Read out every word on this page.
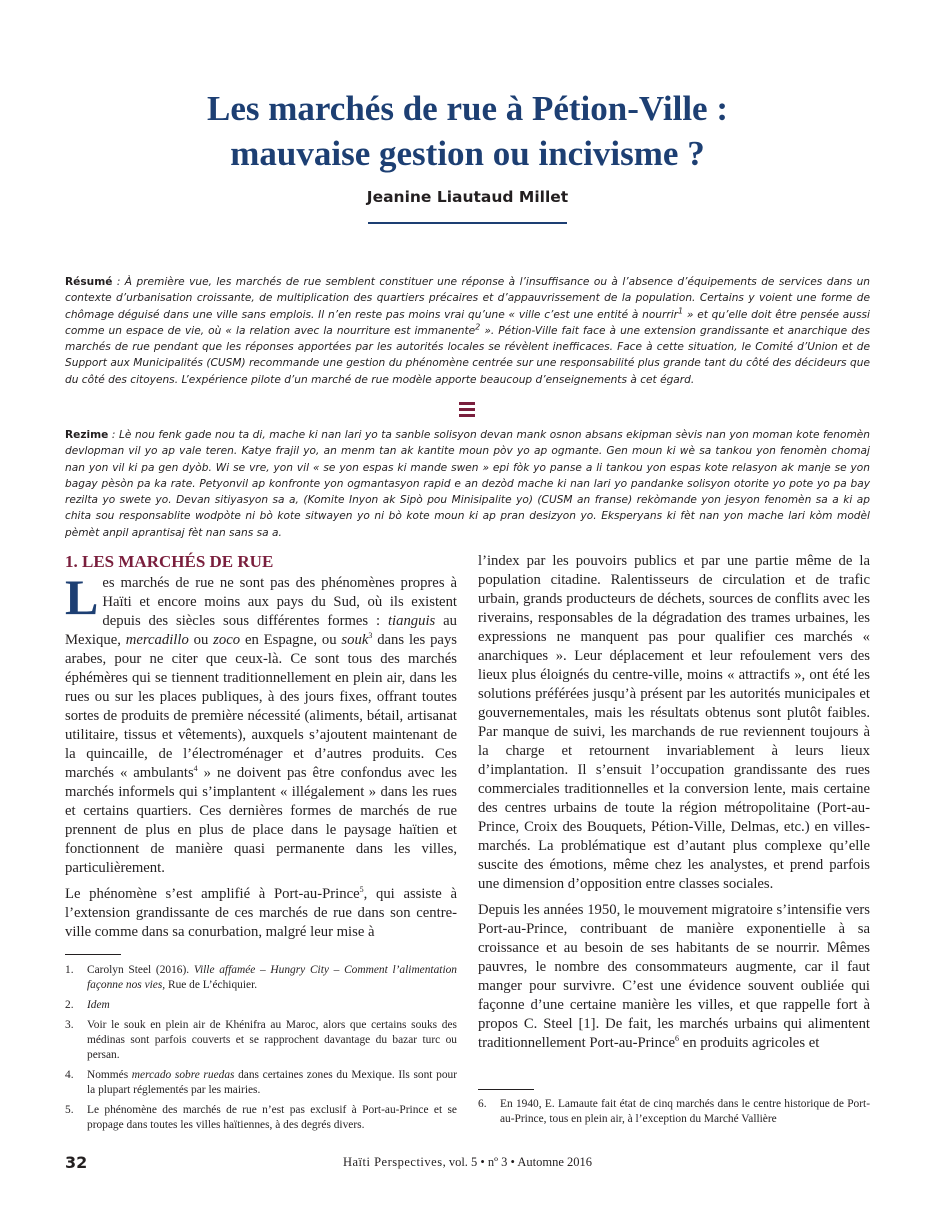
Les marchés de rue à Pétion-Ville :
mauvaise gestion ou incivisme ?
Jeanine Liautaud Millet
Résumé : À première vue, les marchés de rue semblent constituer une réponse à l’insuffisance ou à l’absence d’équipements de services dans un contexte d’urbanisation croissante, de multiplication des quartiers précaires et d’appauvrissement de la population. Certains y voient une forme de chômage déguisé dans une ville sans emplois. Il n’en reste pas moins vrai qu’une « ville c’est une entité à nourrir$^1$ » et qu’elle doit être pensée aussi comme un espace de vie, où « la relation avec la nourriture est immanente$^2$ ». Pétion-Ville fait face à une extension grandissante et anarchique des marchés de rue pendant que les réponses apportées par les autorités locales se révèlent inefficaces. Face à cette situation, le Comité d’Union et de Support aux Municipalités (CUSM) recommande une gestion du phénomène centrée sur une responsabilité plus grande tant du côté des décideurs que du côté des citoyens. L’expérience pilote d’un marché de rue modèle apporte beaucoup d’enseignements à cet égard.
Rezime : Lè nou fenk gade nou ta di, mache ki nan lari yo ta sanble solisyon devan mank osnon absans ekipman sèvis nan yon moman kote fenomèn devlopman vil yo ap vale teren. Katye frajil yo, an menm tan ak kantite moun pòv yo ap ogmante. Gen moun ki wè sa tankou yon fenomèn chomaj nan yon vil ki pa gen dyòb. Wi se vre, yon vil « se yon espas ki mande swen » epi fòk yo panse a li tankou yon espas kote relasyon ak manje se yon bagay pèsòn pa ka rate. Petyonvil ap konfronte yon ogmantasyon rapid e an dezòd mache ki nan lari yo pandanke solisyon otorite yo pote yo pa bay rezilta yo swete yo. Devan sitiyasyon sa a, (Komite Inyon ak Sipò pou Minisipalite yo) (CUSM an franse) rekòmande yon jesyon fenomèn sa a ki ap chita sou responsablite wodpòte ni bò kote sitwayen yo ni bò kote moun ki ap pran desizyon yo. Eksperyans ki fèt nan yon mache lari kòm modèl pèmèt anpil aprantisaj fèt nan sans sa a.
1. LES MARCHÉS DE RUE

Les marchés de rue ne sont pas des phénomènes propres à Haïti et encore moins aux pays du Sud, où ils existent depuis des siècles sous différentes formes : tianguis au Mexique, mercadillo ou zoco en Espagne, ou souk$^3$ dans les pays arabes, pour ne citer que ceux-là. Ce sont tous des marchés éphémères qui se tiennent traditionnellement en plein air, dans les rues ou sur les places publiques, à des jours fixes, offrant toutes sortes de produits de première nécessité (aliments, bétail, artisanat utilitaire, tissus et vêtements), auxquels s’ajoutent maintenant de la quincaille, de l’électroménager et d’autres produits. Ces marchés « ambulants$^4$ » ne doivent pas être confondus avec les marchés informels qui s’implantent « illégalement » dans les rues et certains quartiers. Ces dernières formes de marchés de rue prennent de plus en plus de place dans le paysage haïtien et fonctionnent de manière quasi permanente dans les villes, particulièrement.

Le phénomène s’est amplifié à Port-au-Prince$^5$, qui assiste à l’extension grandissante de ces marchés de rue dans son centre-ville comme dans sa conurbation, malgré leur mise à

l’index par les pouvoirs publics et par une partie même de la population citadine. Ralentisseurs de circulation et de trafic urbain, grands producteurs de déchets, sources de conflits avec les riverains, responsables de la dégradation des trames urbaines, les expressions ne manquent pas pour qualifier ces marchés « anarchiques ». Leur déplacement et leur refoulement vers des lieux plus éloignés du centre-ville, moins « attractifs », ont été les solutions préférées jusqu’à présent par les autorités municipales et gouvernementales, mais les résultats obtenus sont plutôt faibles. Par manque de suivi, les marchands de rue reviennent toujours à la charge et retournent invariablement à leurs lieux d’implantation. Il s’ensuit l’occupation grandissante des rues commerciales traditionnelles et la conversion lente, mais certaine des centres urbains de toute la région métropolitaine (Port-au-Prince, Croix des Bouquets, Pétion-Ville, Delmas, etc.) en villes-marchés. La problématique est d’autant plus complexe qu’elle suscite des émotions, même chez les analystes, et prend parfois une dimension d’opposition entre classes sociales.

Depuis les années 1950, le mouvement migratoire s’intensifie vers Port-au-Prince, contribuant de manière exponentielle à sa croissance et au besoin de ses habitants de se nourrir. Mêmes pauvres, le nombre des consommateurs augmente, car il faut manger pour survivre. C’est une évidence souvent oubliée qui façonne d’une certaine manière les villes, et que rappelle fort à propos C. Steel [1]. De fait, les marchés urbains qui alimentent traditionnellement Port-au-Prince$^6$ en produits agricoles et

1.	Carolyn Steel (2016). Ville affamée – Hungry City – Comment l’alimentation façonne nos vies, Rue de L’échiquier.
2.	Idem
3.	Voir le souk en plein air de Khénifra au Maroc, alors que certains souks des médinas sont parfois couverts et se rapprochent davantage du bazar turc ou persan.
4.	Nommés mercado sobre ruedas dans certaines zones du Mexique. Ils sont pour la plupart réglementés par les mairies.
5.	Le phénomène des marchés de rue n’est pas exclusif à Port-au-Prince et se propage dans toutes les villes haïtiennes, à des degrés divers.
6.	En 1940, E. Lamaute fait état de cinq marchés dans le centre historique de Port-au-Prince, tous en plein air, à l’exception du Marché Vallière
32	Haïti Perspectives, vol. 5 • nº 3 • Automne 2016
